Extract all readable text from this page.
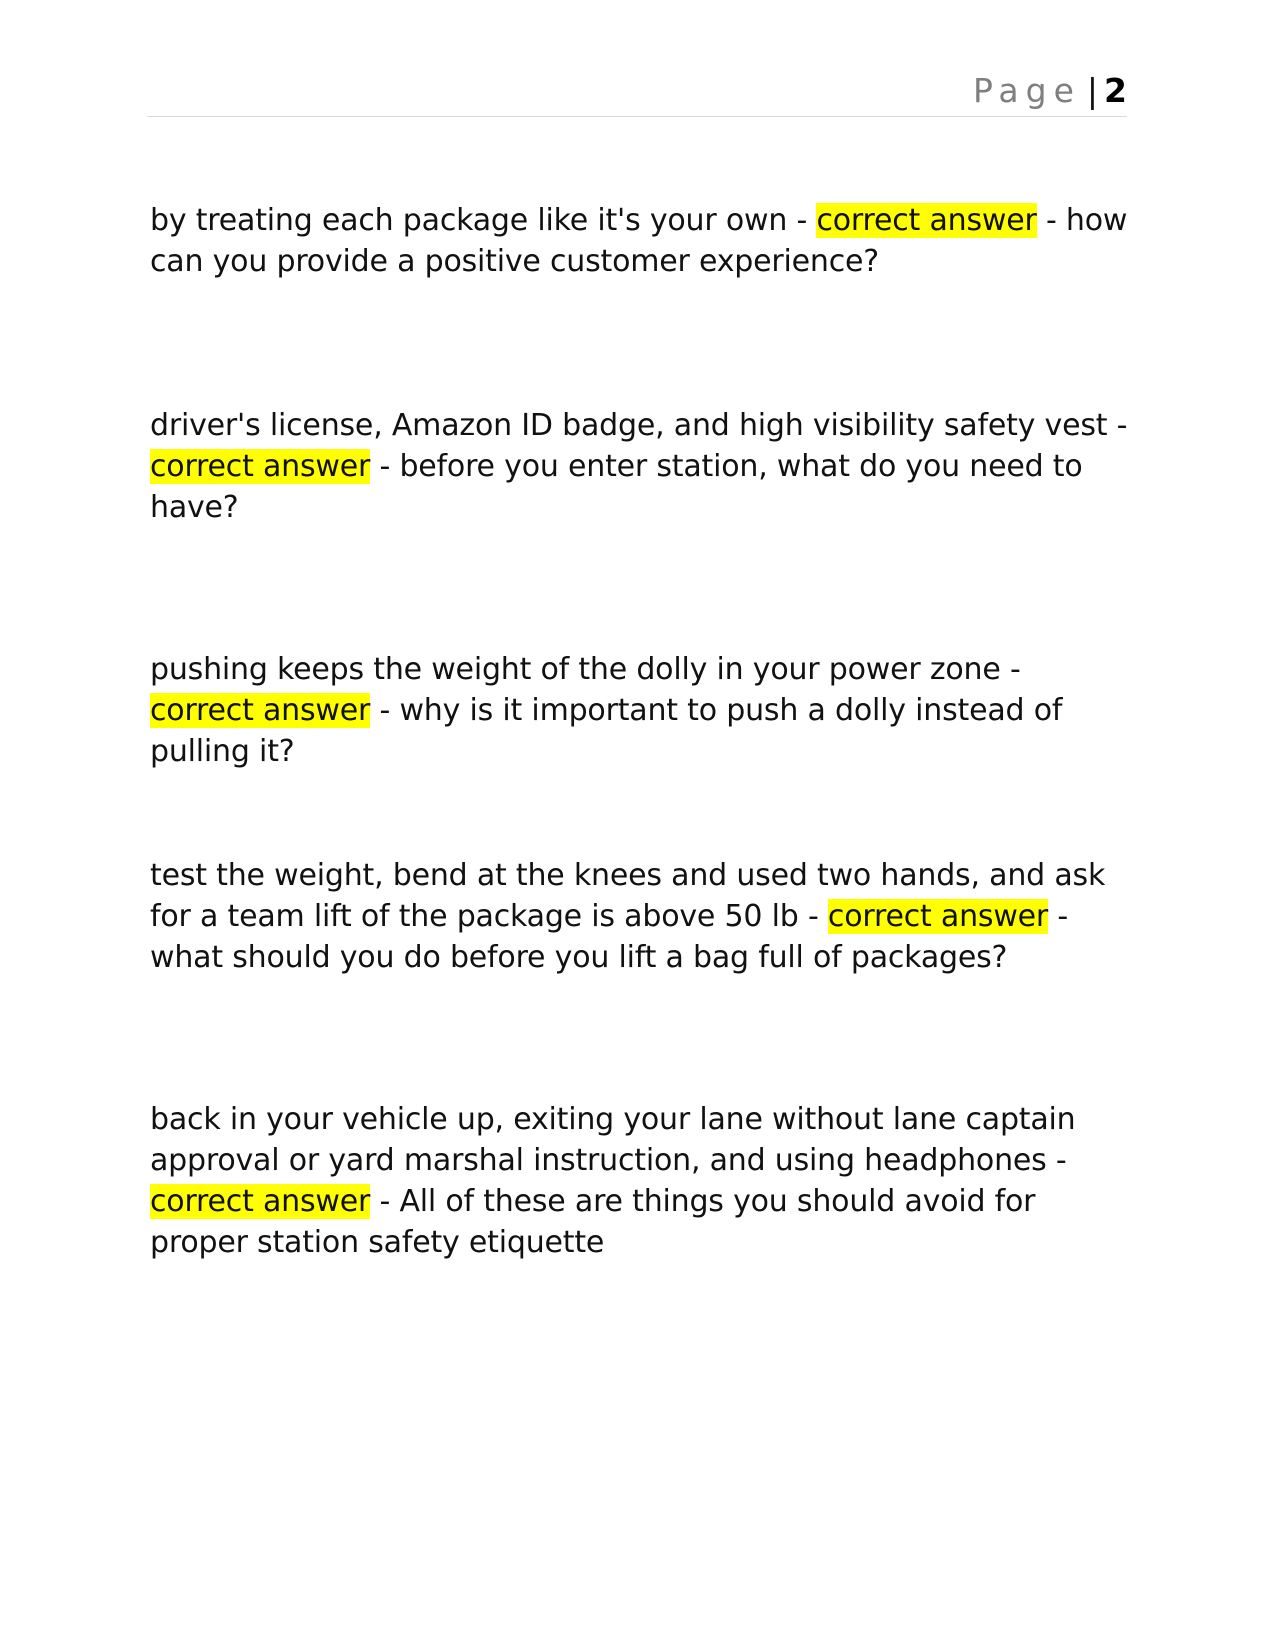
Page | 2

by treating each package like it's your own - correct answer - how can you provide a positive customer experience?

driver's license, Amazon ID badge, and high visibility safety vest - correct answer - before you enter station, what do you need to have?

pushing keeps the weight of the dolly in your power zone - correct answer - why is it important to push a dolly instead of pulling it?

test the weight, bend at the knees and used two hands, and ask for a team lift of the package is above 50 lb - correct answer - what should you do before you lift a bag full of packages?

back in your vehicle up, exiting your lane without lane captain approval or yard marshal instruction, and using headphones - correct answer - All of these are things you should avoid for proper station safety etiquette
